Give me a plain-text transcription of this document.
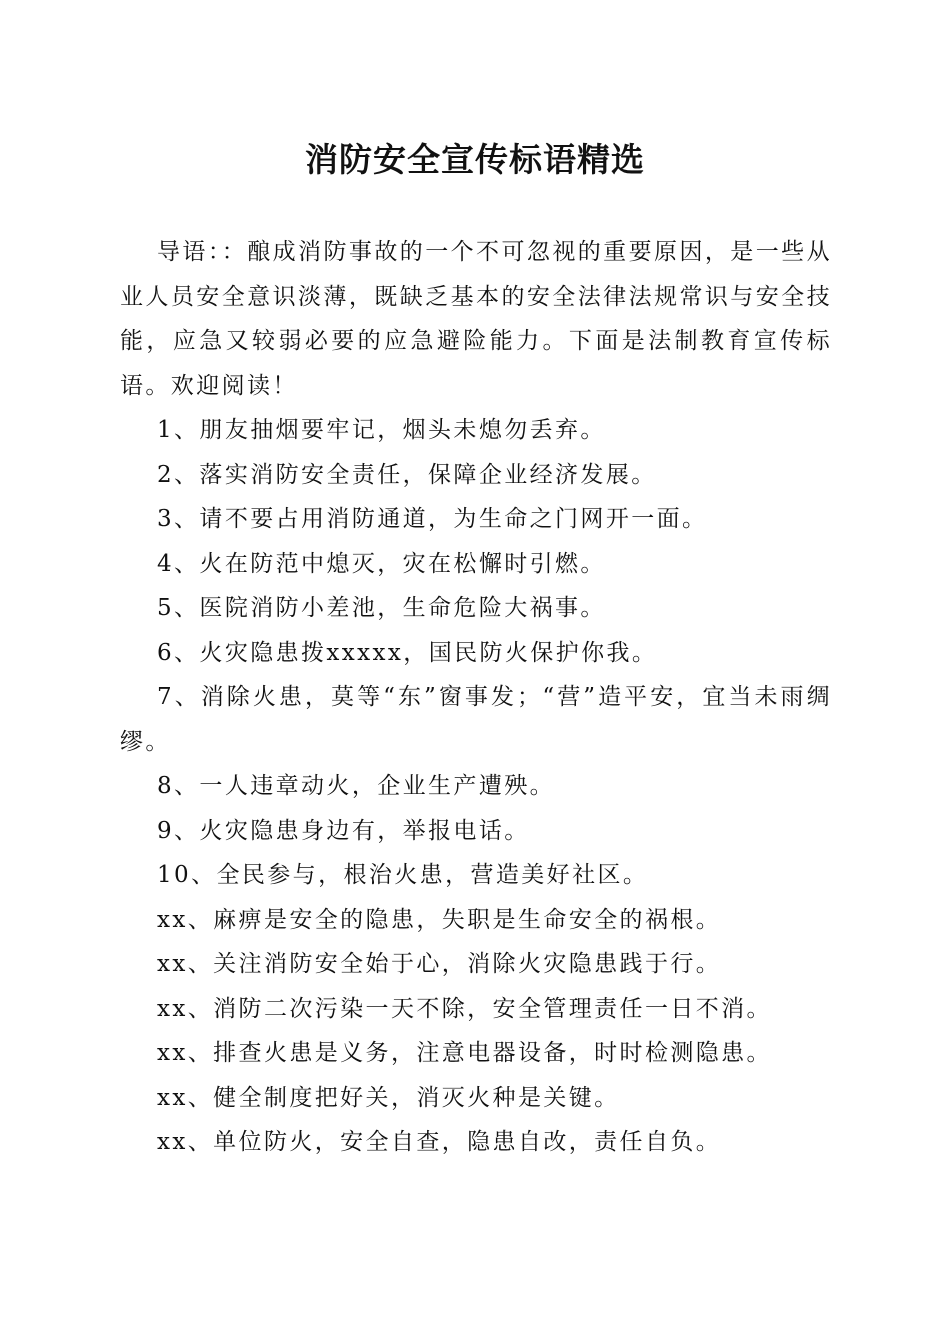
消防安全宣传标语精选

导语：：酿成消防事故的一个不可忽视的重要原因，是一些从业人员安全意识淡薄，既缺乏基本的安全法律法规常识与安全技能，应急又较弱必要的应急避险能力。下面是法制教育宣传标语。欢迎阅读！

1、朋友抽烟要牢记，烟头未熄勿丢弃。

2、落实消防安全责任，保障企业经济发展。

3、请不要占用消防通道，为生命之门网开一面。

4、火在防范中熄灭，灾在松懈时引燃。

5、医院消防小差池，生命危险大祸事。

6、火灾隐患拨xxxxx，国民防火保护你我。

7、消除火患，莫等“东”窗事发；“营”造平安，宜当未雨绸缪。

8、一人违章动火，企业生产遭殃。

9、火灾隐患身边有，举报电话。

10、全民参与，根治火患，营造美好社区。

xx、麻痹是安全的隐患，失职是生命安全的祸根。

xx、关注消防安全始于心，消除火灾隐患践于行。

xx、消防二次污染一天不除，安全管理责任一日不消。

xx、排查火患是义务，注意电器设备，时时检测隐患。

xx、健全制度把好关，消灭火种是关键。

xx、单位防火，安全自查，隐患自改，责任自负。
